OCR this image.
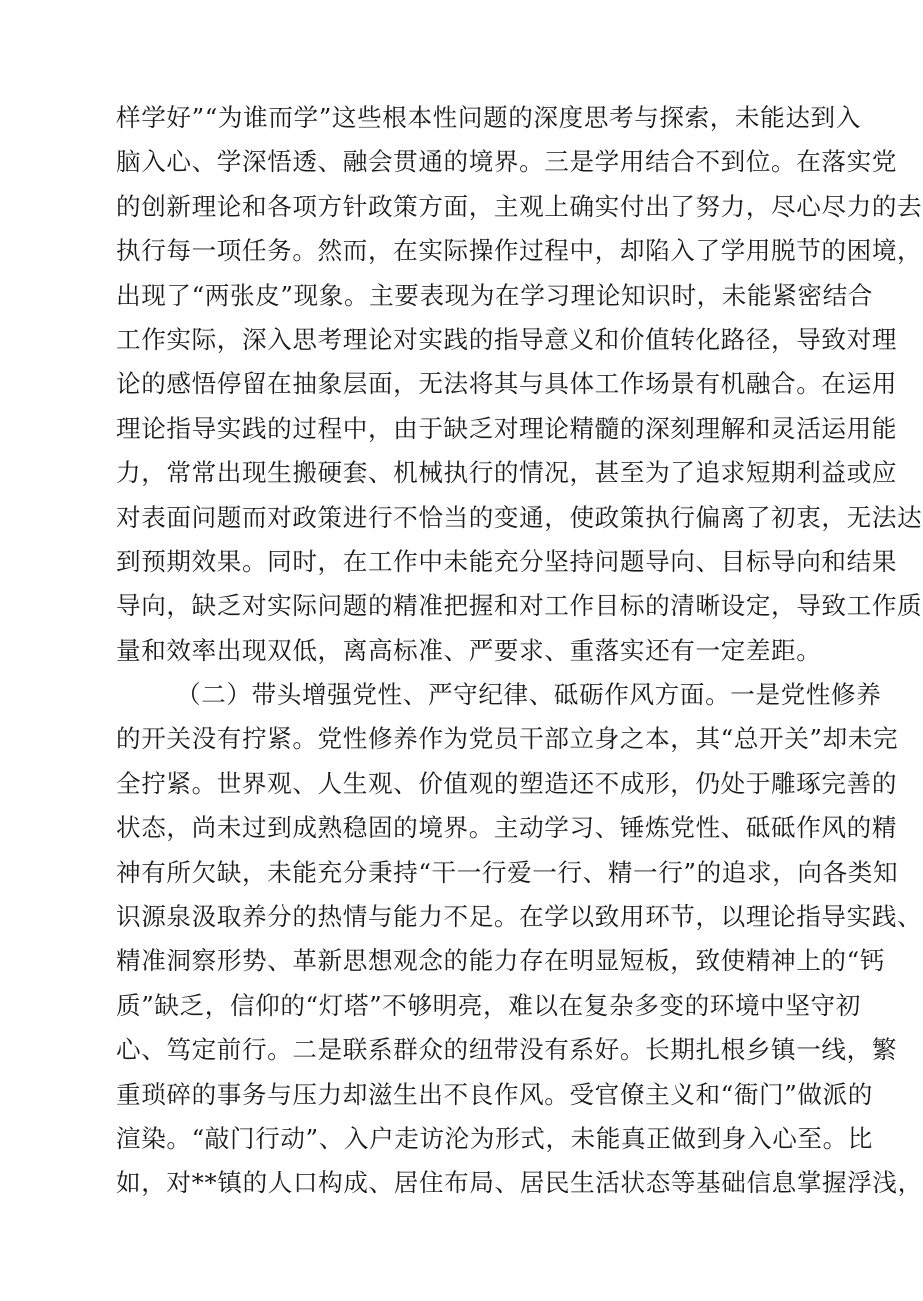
样学好”“为谁而学”这些根本性问题的深度思考与探索，未能达到入
脑入心、学深悟透、融会贯通的境界。三是学用结合不到位。在落实党
的创新理论和各项方针政策方面，主观上确实付出了努力，尽心尽力的去
执行每一项任务。然而，在实际操作过程中，却陷入了学用脱节的困境，
出现了“两张皮”现象。主要表现为在学习理论知识时，未能紧密结合
工作实际，深入思考理论对实践的指导意义和价值转化路径，导致对理
论的感悟停留在抽象层面，无法将其与具体工作场景有机融合。在运用
理论指导实践的过程中，由于缺乏对理论精髓的深刻理解和灵活运用能
力，常常出现生搬硬套、机械执行的情况，甚至为了追求短期利益或应
对表面问题而对政策进行不恰当的变通，使政策执行偏离了初衷，无法达
到预期效果。同时，在工作中未能充分坚持问题导向、目标导向和结果
导向，缺乏对实际问题的精准把握和对工作目标的清晰设定，导致工作质
量和效率出现双低，离高标准、严要求、重落实还有一定差距。
（二）带头增强党性、严守纪律、砥砺作风方面。一是党性修养
的开关没有拧紧。党性修养作为党员干部立身之本，其“总开关”却未完
全拧紧。世界观、人生观、价值观的塑造还不成形，仍处于雕琢完善的
状态，尚未过到成熟稳固的境界。主动学习、锤炼党性、砥砥作风的精
神有所欠缺，未能充分秉持“干一行爱一行、精一行”的追求，向各类知
识源泉汲取养分的热情与能力不足。在学以致用环节，以理论指导实践、
精准洞察形势、革新思想观念的能力存在明显短板，致使精神上的“钙
质”缺乏，信仰的“灯塔”不够明亮，难以在复杂多变的环境中坚守初
心、笃定前行。二是联系群众的纽带没有系好。长期扎根乡镇一线，繁
重琐碎的事务与压力却滋生出不良作风。受官僚主义和“衙门”做派的
渲染。“敲门行动”、入户走访沦为形式，未能真正做到身入心至。比
如，对**镇的人口构成、居住布局、居民生活状态等基础信息掌握浮浅，
